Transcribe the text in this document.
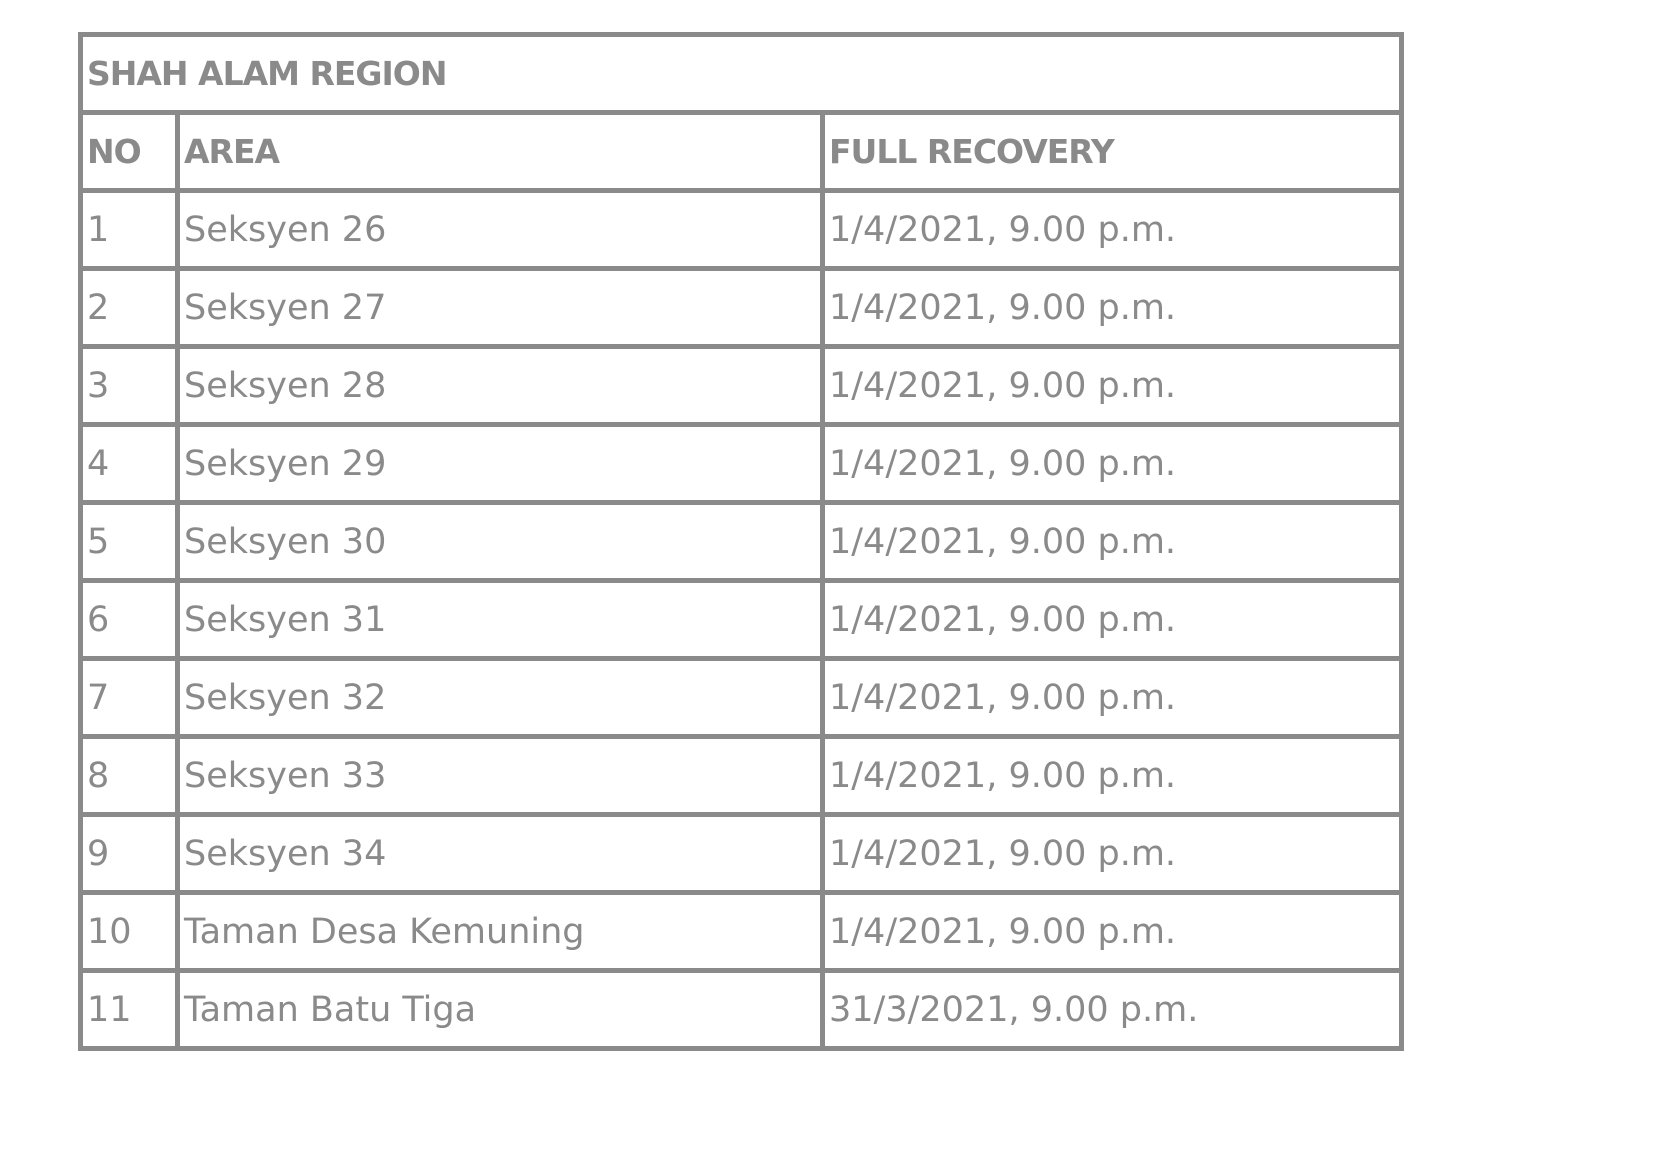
SHAH ALAM REGION		
NO	AREA	FULL RECOVERY
1	Seksyen 26	1/4/2021, 9.00 p.m.
2	Seksyen 27	1/4/2021, 9.00 p.m.
3	Seksyen 28	1/4/2021, 9.00 p.m.
4	Seksyen 29	1/4/2021, 9.00 p.m.
5	Seksyen 30	1/4/2021, 9.00 p.m.
6	Seksyen 31	1/4/2021, 9.00 p.m.
7	Seksyen 32	1/4/2021, 9.00 p.m.
8	Seksyen 33	1/4/2021, 9.00 p.m.
9	Seksyen 34	1/4/2021, 9.00 p.m.
10	Taman Desa Kemuning	1/4/2021, 9.00 p.m.
11	Taman Batu Tiga	31/3/2021, 9.00 p.m.
